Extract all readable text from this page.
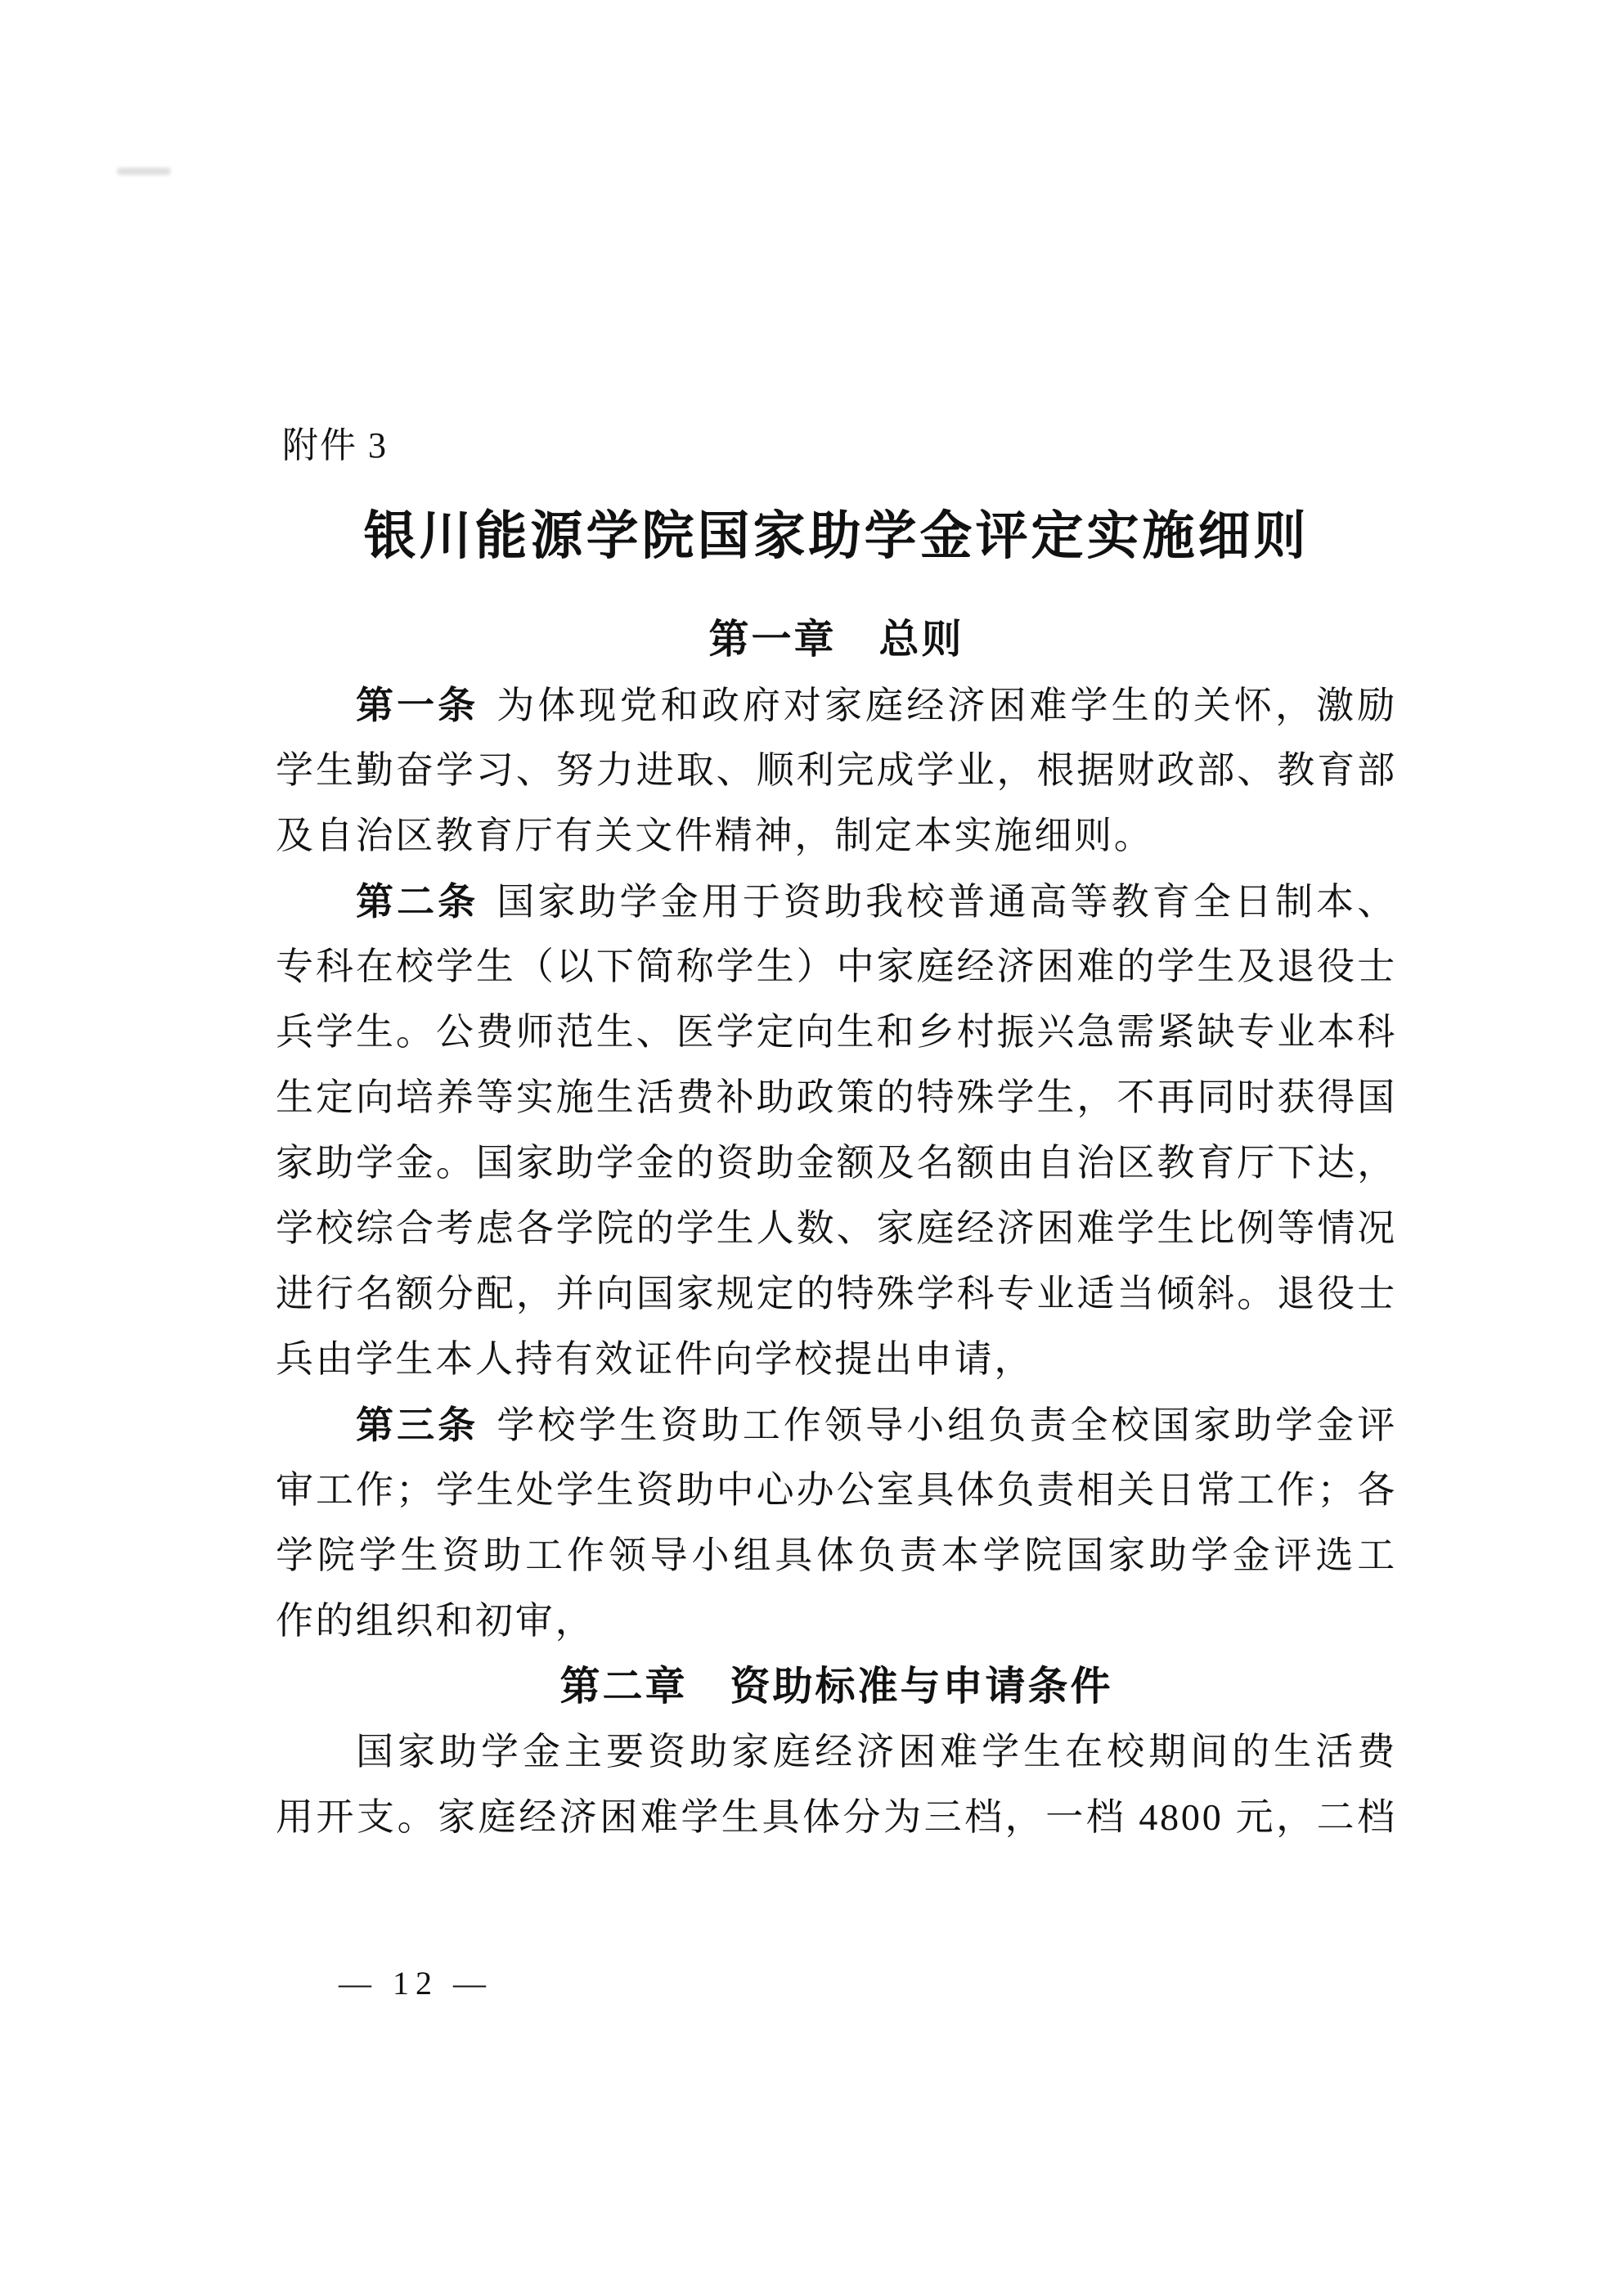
附件 3
银川能源学院国家助学金评定实施细则
第一章　总则
第一条 为体现党和政府对家庭经济困难学生的关怀，激励
学生勤奋学习、努力进取、顺利完成学业，根据财政部、教育部
及自治区教育厅有关文件精神，制定本实施细则。
第二条 国家助学金用于资助我校普通高等教育全日制本、
专科在校学生（以下简称学生）中家庭经济困难的学生及退役士
兵学生。公费师范生、医学定向生和乡村振兴急需紧缺专业本科
生定向培养等实施生活费补助政策的特殊学生，不再同时获得国
家助学金。国家助学金的资助金额及名额由自治区教育厅下达，
学校综合考虑各学院的学生人数、家庭经济困难学生比例等情况
进行名额分配，并向国家规定的特殊学科专业适当倾斜。退役士
兵由学生本人持有效证件向学校提出申请，
第三条 学校学生资助工作领导小组负责全校国家助学金评
审工作；学生处学生资助中心办公室具体负责相关日常工作；各
学院学生资助工作领导小组具体负责本学院国家助学金评选工
作的组织和初审，
第二章　资助标准与申请条件
国家助学金主要资助家庭经济困难学生在校期间的生活费
用开支。家庭经济困难学生具体分为三档，一档 4800 元，二档
— 12 —
